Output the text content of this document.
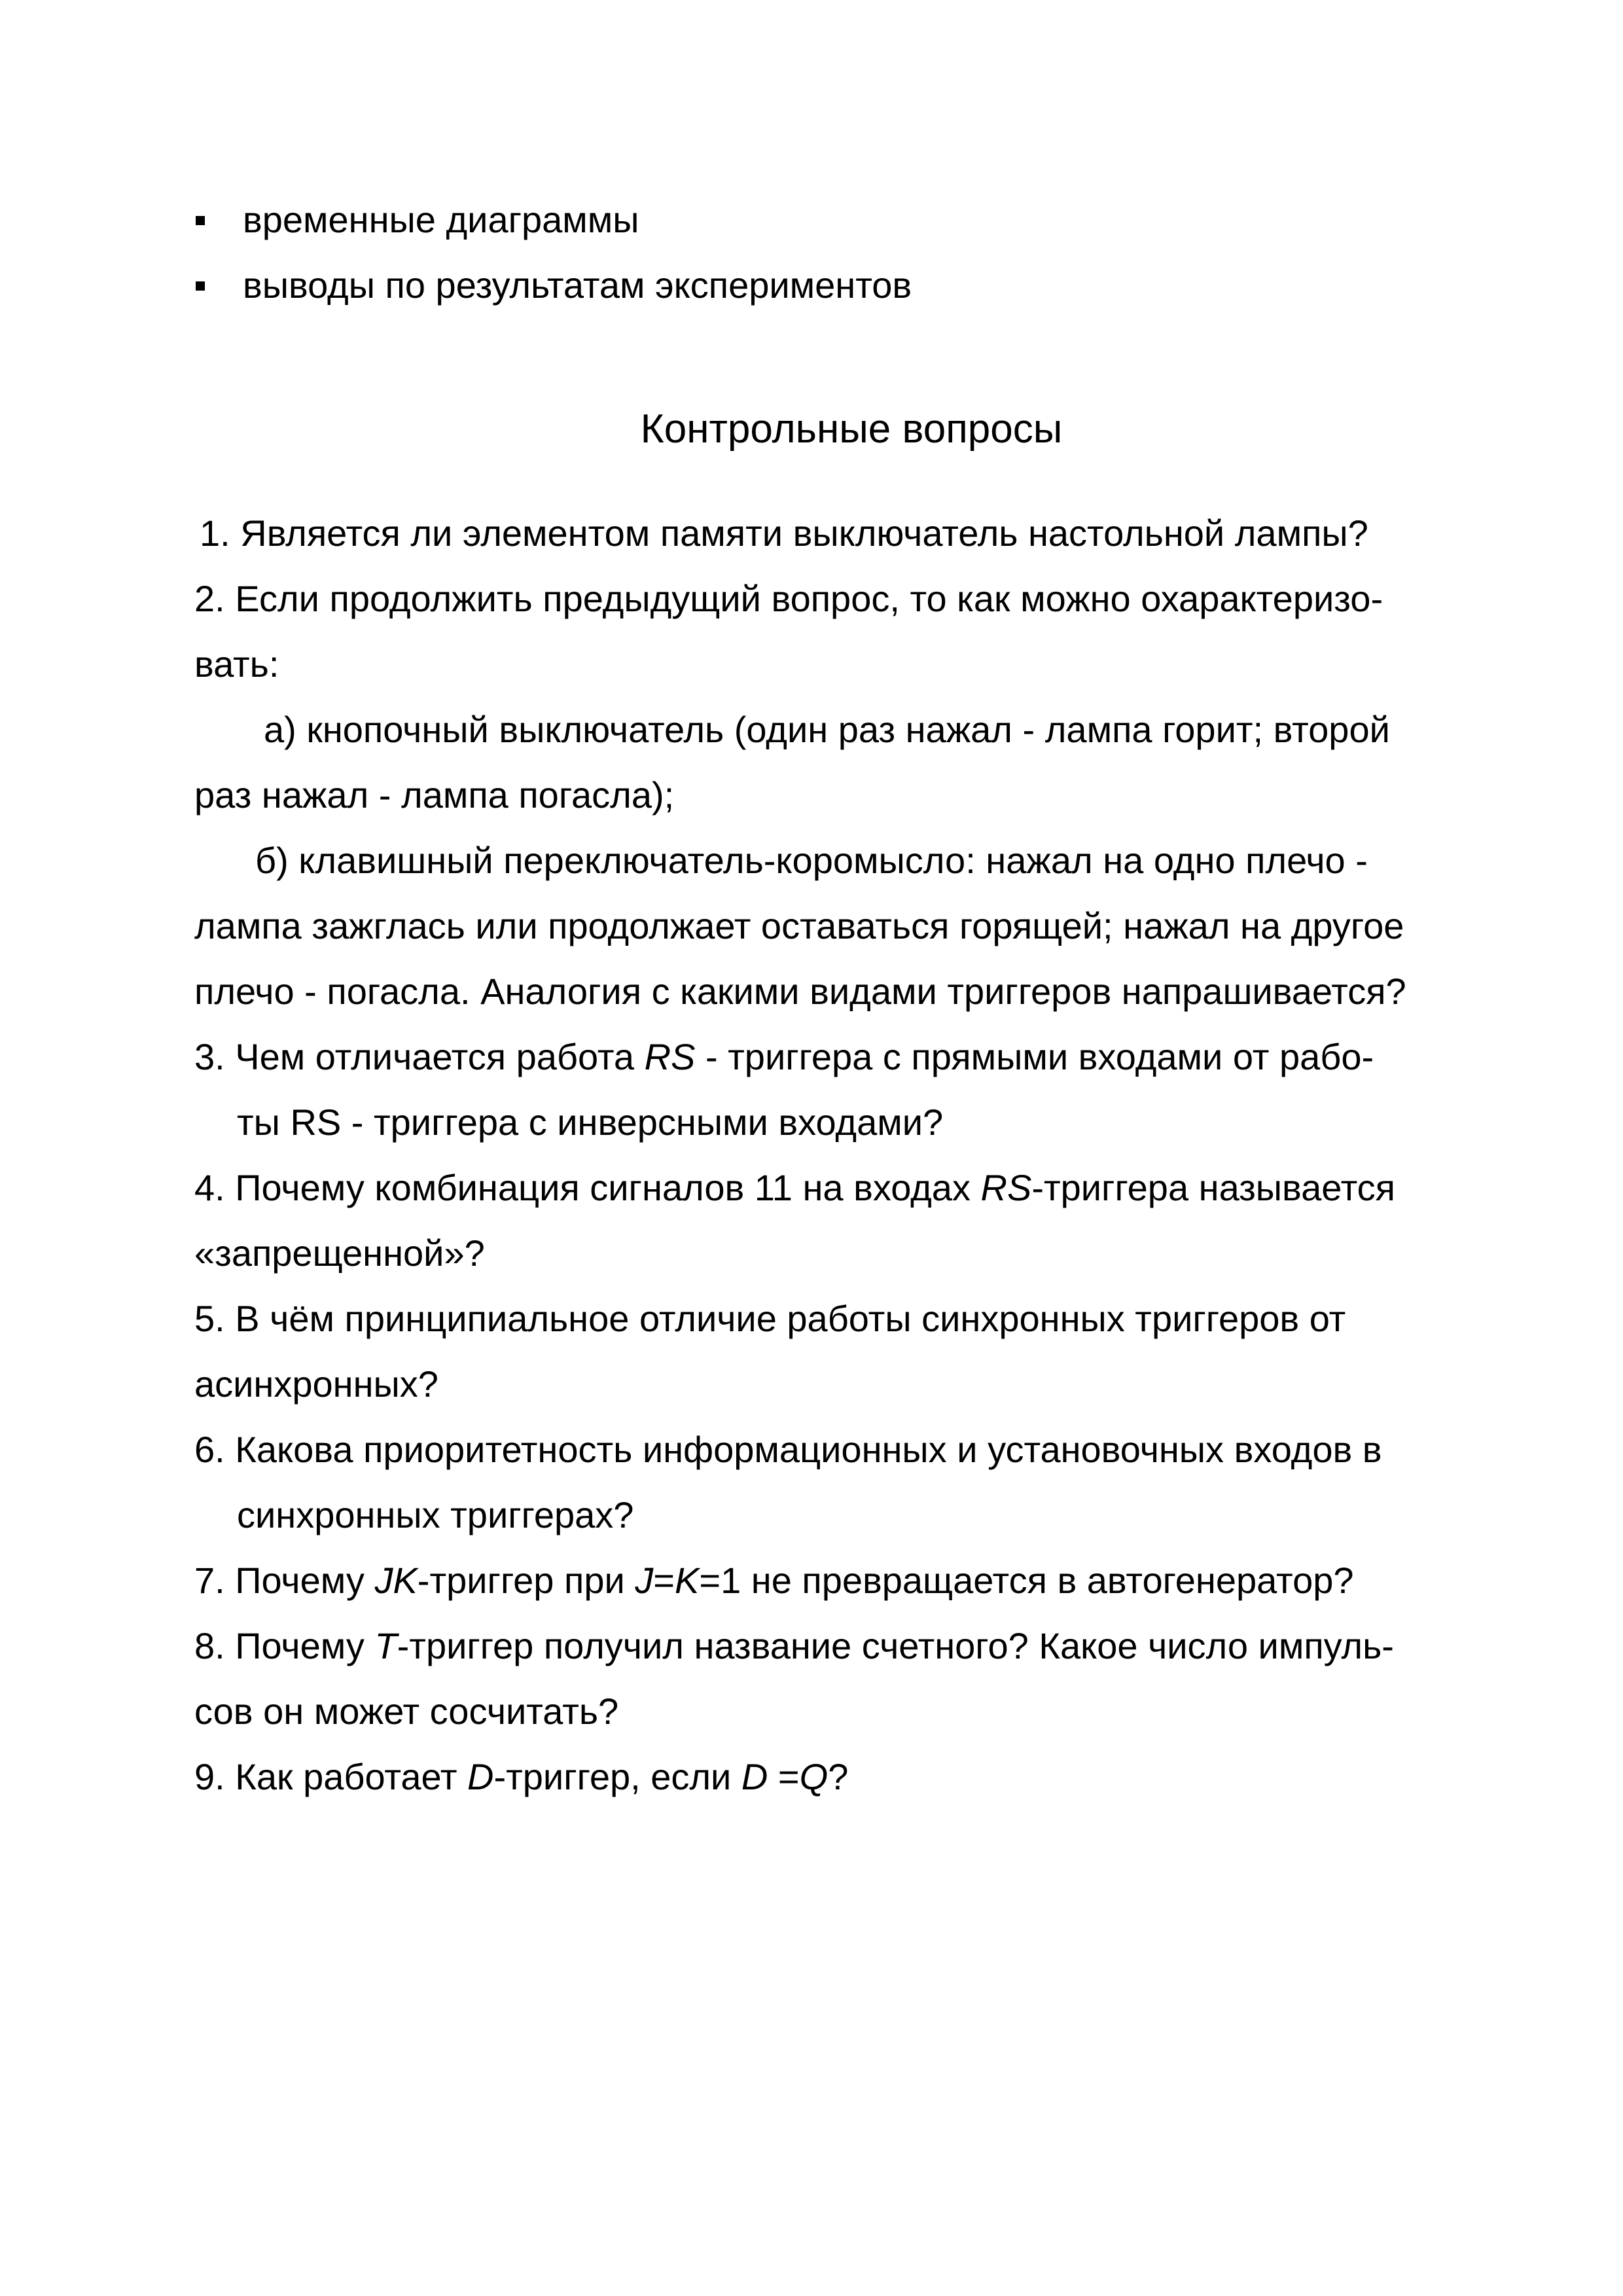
временные диаграммы
выводы по результатам экспериментов
Контрольные вопросы

1. Является ли элементом памяти выключатель настольной лампы?

2. Если продолжить предыдущий вопрос, то как можно охарактеризо-

вать:

а) кнопочный выключатель (один раз нажал - лампа горит; второй

раз нажал - лампа погасла);

б) клавишный переключатель-коромысло: нажал на одно плечо -

лампа зажглась или продолжает оставаться горящей; нажал на другое

плечо - погасла. Аналогия с какими видами триггеров напрашивается?

3. Чем отличается работа RS - триггера с прямыми входами от рабо-

ты RS - триггера с инверсными входами?

4. Почему комбинация сигналов 11 на входах RS-триггера называется

«запрещенной»?

5. В чём принципиальное отличие работы синхронных триггеров от

асинхронных?

6. Какова приоритетность информационных и установочных входов в

синхронных триггерах?

7. Почему JK-триггер при J=K=1 не превращается в автогенератор?

8. Почему T-триггер получил название счетного? Какое число импуль-

сов он может сосчитать?

9. Как работает D-триггер, если D =Q?
